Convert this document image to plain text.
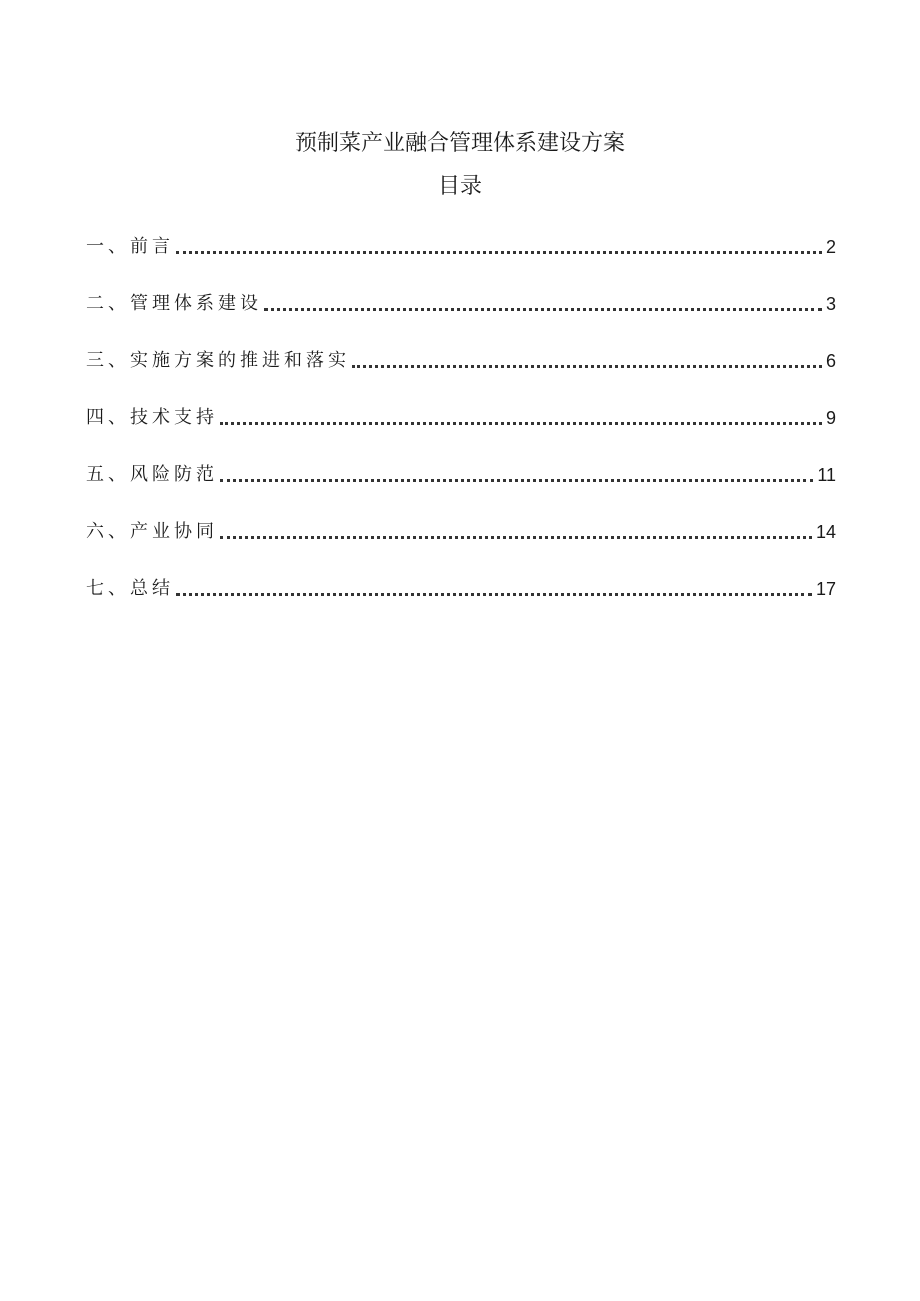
预制菜产业融合管理体系建设方案
目录
一、前言	2
二、管理体系建设	3
三、实施方案的推进和落实	6
四、技术支持	9
五、风险防范	11
六、产业协同	14
七、总结	17
